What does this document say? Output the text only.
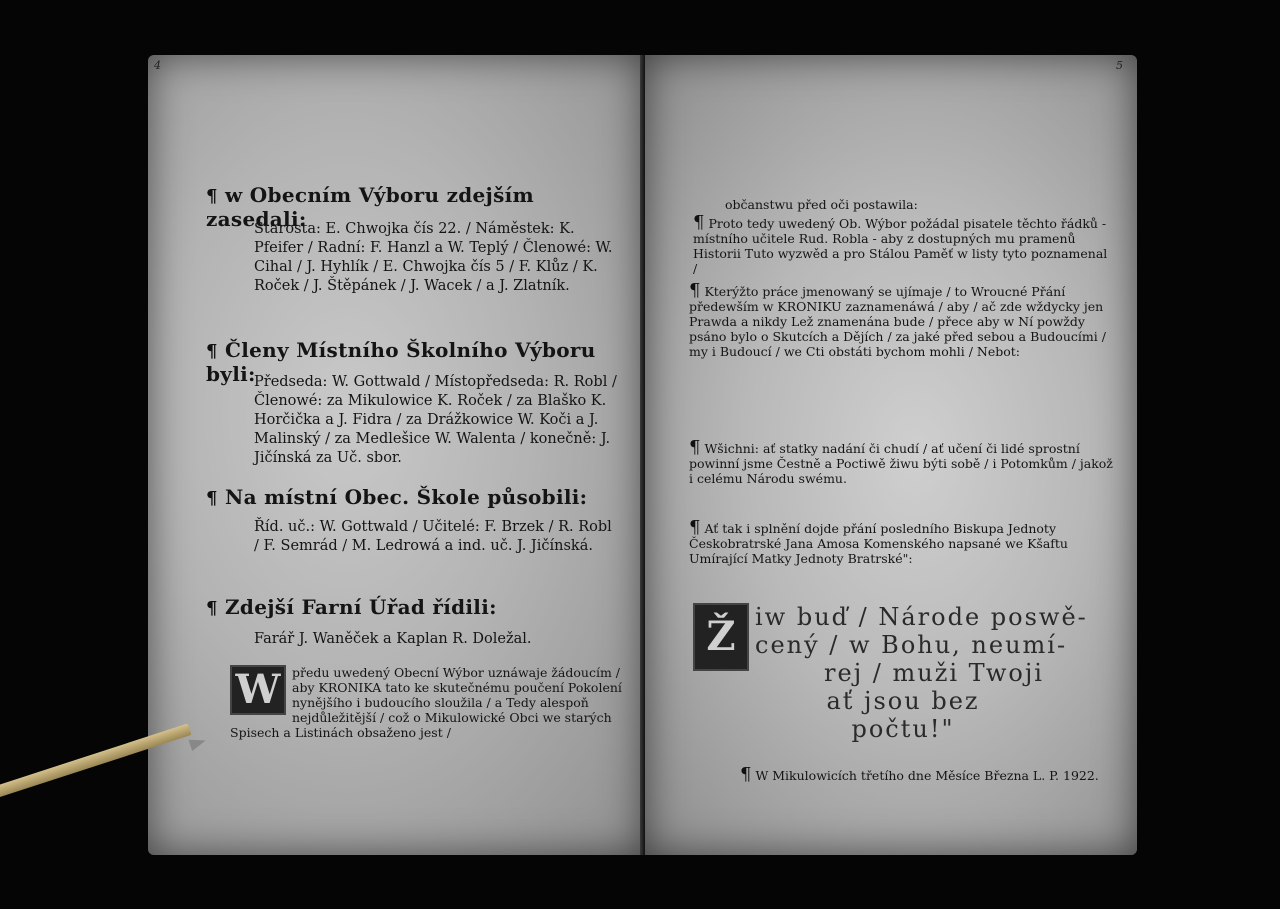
4
¶ w Obecním Výboru zdejším zasedali:
Starosta: E. Chwojka čís 22. / Náměstek: K. Pfeifer / Radní: F. Hanzl a W. Teplý / Členowé: W. Cihal / J. Hyhlík / E. Chwojka čís 5 / F. Klůz / K. Roček / J. Štěpánek / J. Wacek / a J. Zlatník.
¶ Členy Místního Školního Výboru byli:
Předseda: W. Gottwald / Místopředseda: R. Robl / Členowé: za Mikulowice K. Roček / za Blaško K. Horčička a J. Fidra / za Drážkowice W. Koči a J. Malinský / za Medlešice W. Walenta / konečně: J. Jičínská za Uč. sbor.
¶ Na místní Obec. Škole působili:
Říd. uč.: W. Gottwald / Učitelé: F. Brzek / R. Robl / F. Semrád / M. Ledrowá a ind. uč. J. Jičínská.
¶ Zdejší Farní Úřad řídili:
Farář J. Waněček a Kaplan R. Doležal.
W předu uwedený Obecní Wýbor uznáwaje žádoucím / aby KRONIKA tato ke skutečnému poučení Pokolení nynějšího i budoucího sloužila / a Tedy alespoň nejdůležitější / což o Mikulowické Obci we starých Spisech a Listinách obsaženo jest /
5
občanstwu před oči postawila:
¶ Proto tedy uwedený Ob. Wýbor požádal pisatele těchto řádků - místního učitele Rud. Robla - aby z dostupných mu pramenů Historii Tuto wyzwěd a pro Stálou Paměť w listy tyto poznamenal /
¶ Kterýžto práce jmenowaný se ujímaje / to Wroucné Přání předewším w KRONIKU zaznamenáwá / aby / ač zde wždycky jen Prawda a nikdy Lež znamenána bude / přece aby w Ní powždy psáno bylo o Skutcích a Dějích / za jaké před sebou a Budoucími / my i Budoucí / we Cti obstáti bychom mohli / Nebot:
¶ Wšichni: ať statky nadání či chudí / ať učení či lidé sprostní powinní jsme Čestně a Poctiwě žiwu býti sobě / i Potomkům / jakož i celému Národu swému.
¶ Ať tak i splnění dojde přání posledního Biskupa Jednoty Českobratrské Jana Amosa Komenského napsané we Kšaftu Umírající Matky Jednoty Bratrské":
Ž iw buď / Národe poswě-
cený / w Bohu, neumí-
rej / muži Twoji
ať jsou bez
počtu!"
¶ W Mikulowicích třetího dne Měsíce Března L. P. 1922.
